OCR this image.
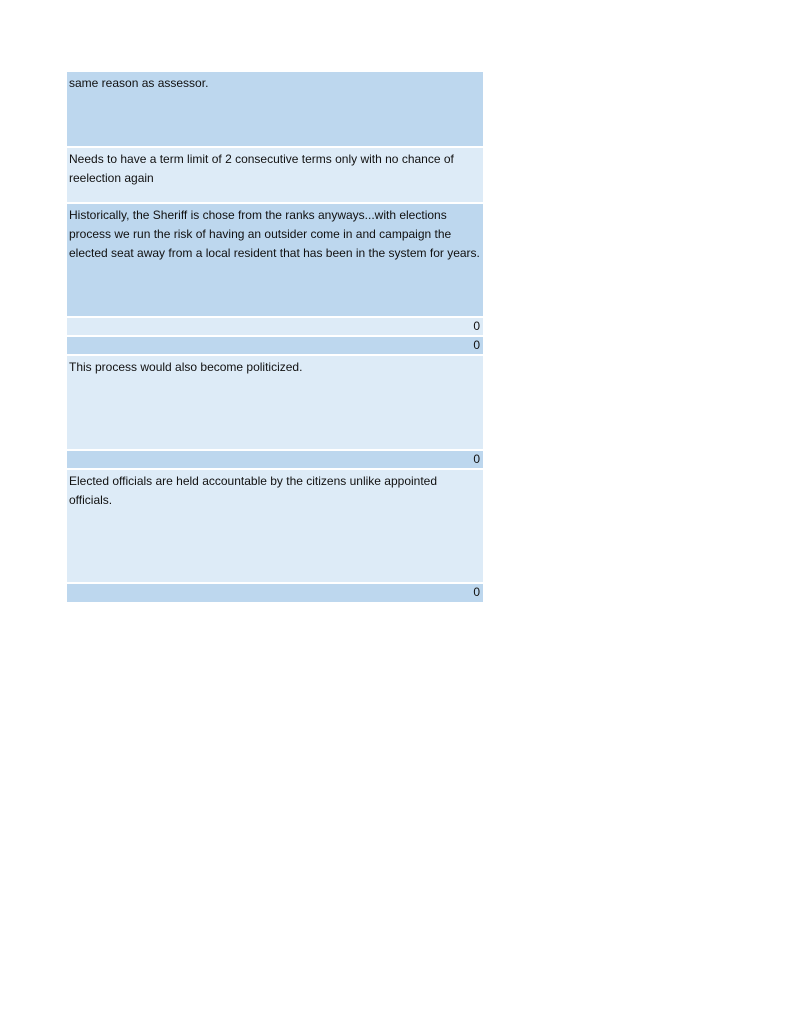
same reason as assessor.
Needs to have a term limit of 2 consecutive terms only with no chance of reelection again
Historically, the Sheriff is chose from the ranks anyways...with elections process we run the risk of having an outsider come in and campaign the elected seat away from a local resident that has been in the system for years.
0
0
This process would also become politicized.
0
Elected officials are held accountable by the citizens unlike appointed officials.
0
